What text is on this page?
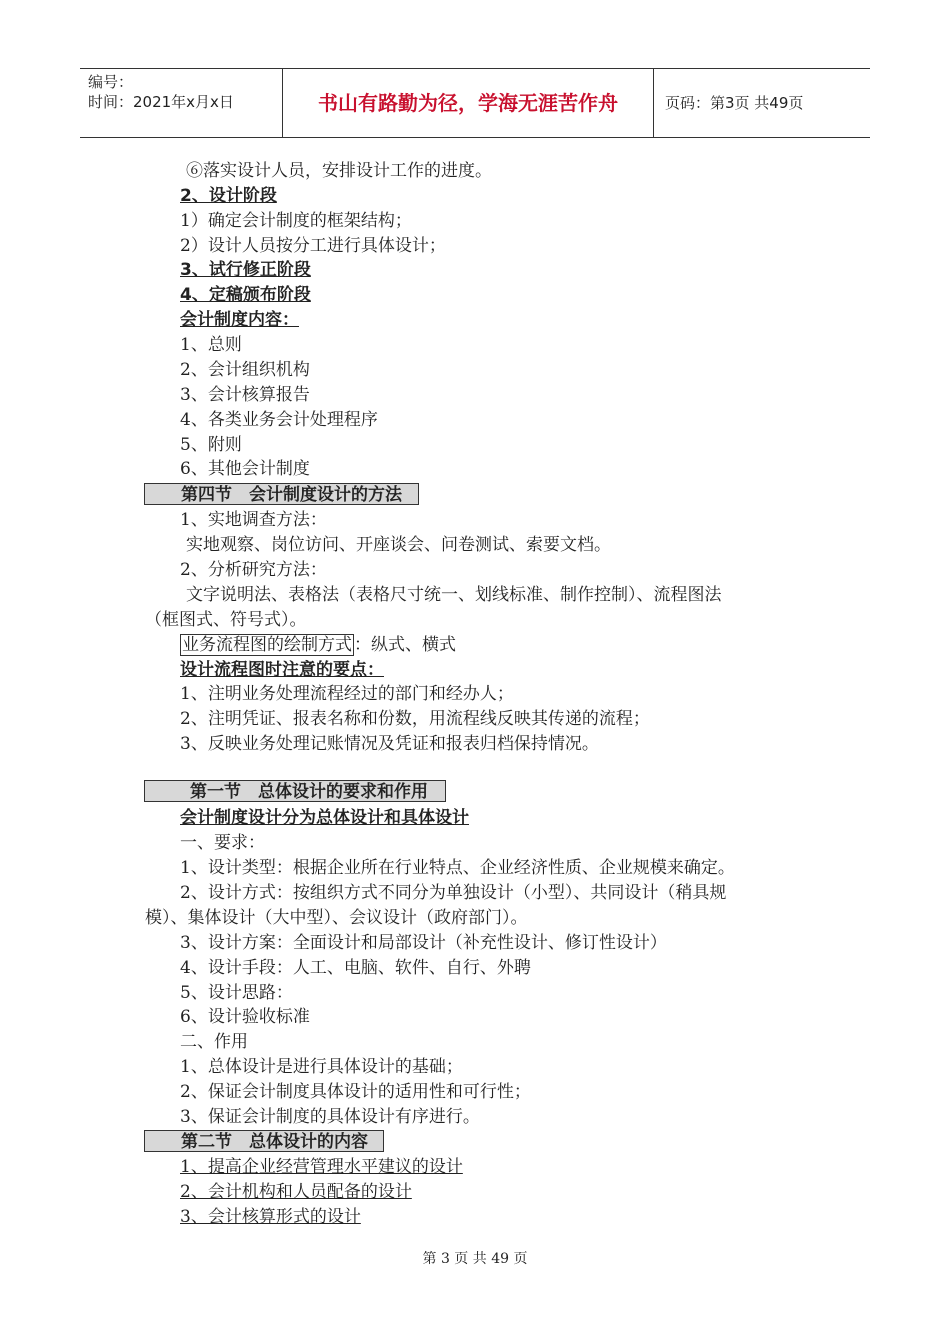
编号：
时间：2021年x月x日	书山有路勤为径，学海无涯苦作舟	页码：第3页 共49页
⑥落实设计人员，安排设计工作的进度。
2、设计阶段
1）确定会计制度的框架结构；
2）设计人员按分工进行具体设计；
3、试行修正阶段
4、定稿颁布阶段
会计制度内容：
1、总则
2、会计组织机构
3、会计核算报告
4、各类业务会计处理程序
5、附则
6、其他会计制度
第四节　会计制度设计的方法
1、实地调查方法：
实地观察、岗位访问、开座谈会、问卷测试、索要文档。
2、分析研究方法：
文字说明法、表格法（表格尺寸统一、划线标准、制作控制）、流程图法
（框图式、符号式）。
业务流程图的绘制方式 ：纵式、横式
设计流程图时注意的要点：
1、注明业务处理流程经过的部门和经办人；
2、注明凭证、报表名称和份数，用流程线反映其传递的流程；
3、反映业务处理记账情况及凭证和报表归档保持情况。
第一节　总体设计的要求和作用
会计制度设计分为总体设计和具体设计
一、要求：
1、设计类型：根据企业所在行业特点、企业经济性质、企业规模来确定。
2、设计方式：按组织方式不同分为单独设计（小型）、共同设计（稍具规
模）、集体设计（大中型）、会议设计（政府部门）。
3、设计方案：全面设计和局部设计（补充性设计、修订性设计）
4、设计手段：人工、电脑、软件、自行、外聘
5、设计思路：
6、设计验收标准
二、作用
1、总体设计是进行具体设计的基础；
2、保证会计制度具体设计的适用性和可行性；
3、保证会计制度的具体设计有序进行。
第二节　总体设计的内容
1、提高企业经营管理水平建议的设计
2、会计机构和人员配备的设计
3、会计核算形式的设计
第 3 页 共 49 页
